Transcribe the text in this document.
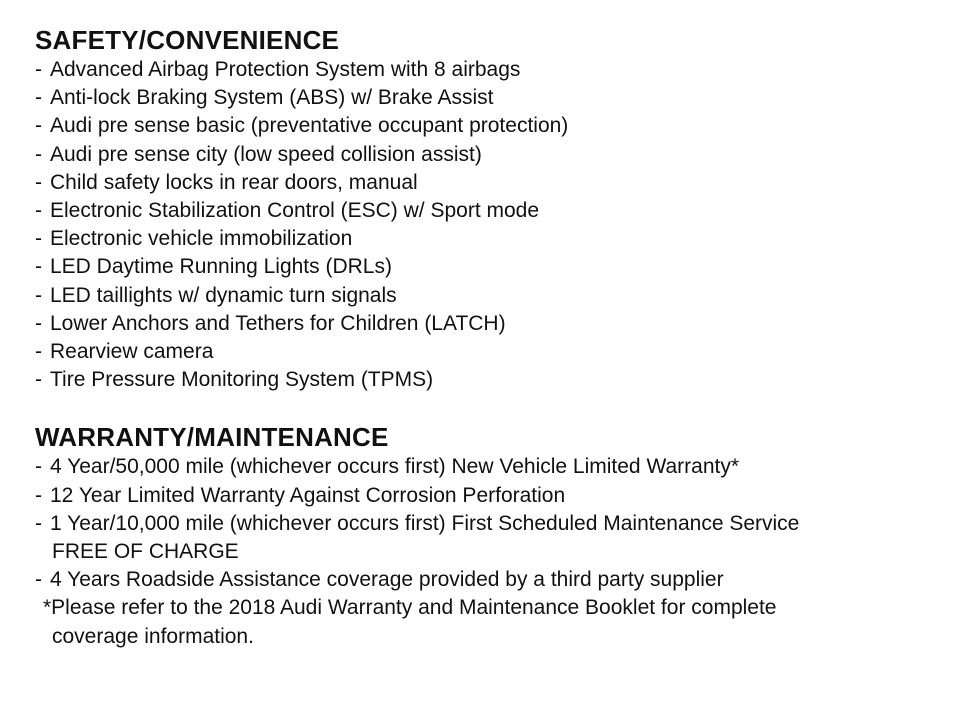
SAFETY/CONVENIENCE
- Advanced Airbag Protection System with 8 airbags
- Anti-lock Braking System (ABS) w/ Brake Assist
- Audi pre sense basic (preventative occupant protection)
- Audi pre sense city (low speed collision assist)
- Child safety locks in rear doors, manual
- Electronic Stabilization Control (ESC) w/ Sport mode
- Electronic vehicle immobilization
- LED Daytime Running Lights (DRLs)
- LED taillights w/ dynamic turn signals
- Lower Anchors and Tethers for Children (LATCH)
- Rearview camera
- Tire Pressure Monitoring System (TPMS)
WARRANTY/MAINTENANCE
- 4 Year/50,000 mile (whichever occurs first) New Vehicle Limited Warranty*
- 12 Year Limited Warranty Against Corrosion Perforation
- 1 Year/10,000 mile (whichever occurs first) First Scheduled Maintenance Service
FREE OF CHARGE
- 4 Years Roadside Assistance coverage provided by a third party supplier
*Please refer to the 2018 Audi Warranty and Maintenance Booklet for complete
coverage information.
